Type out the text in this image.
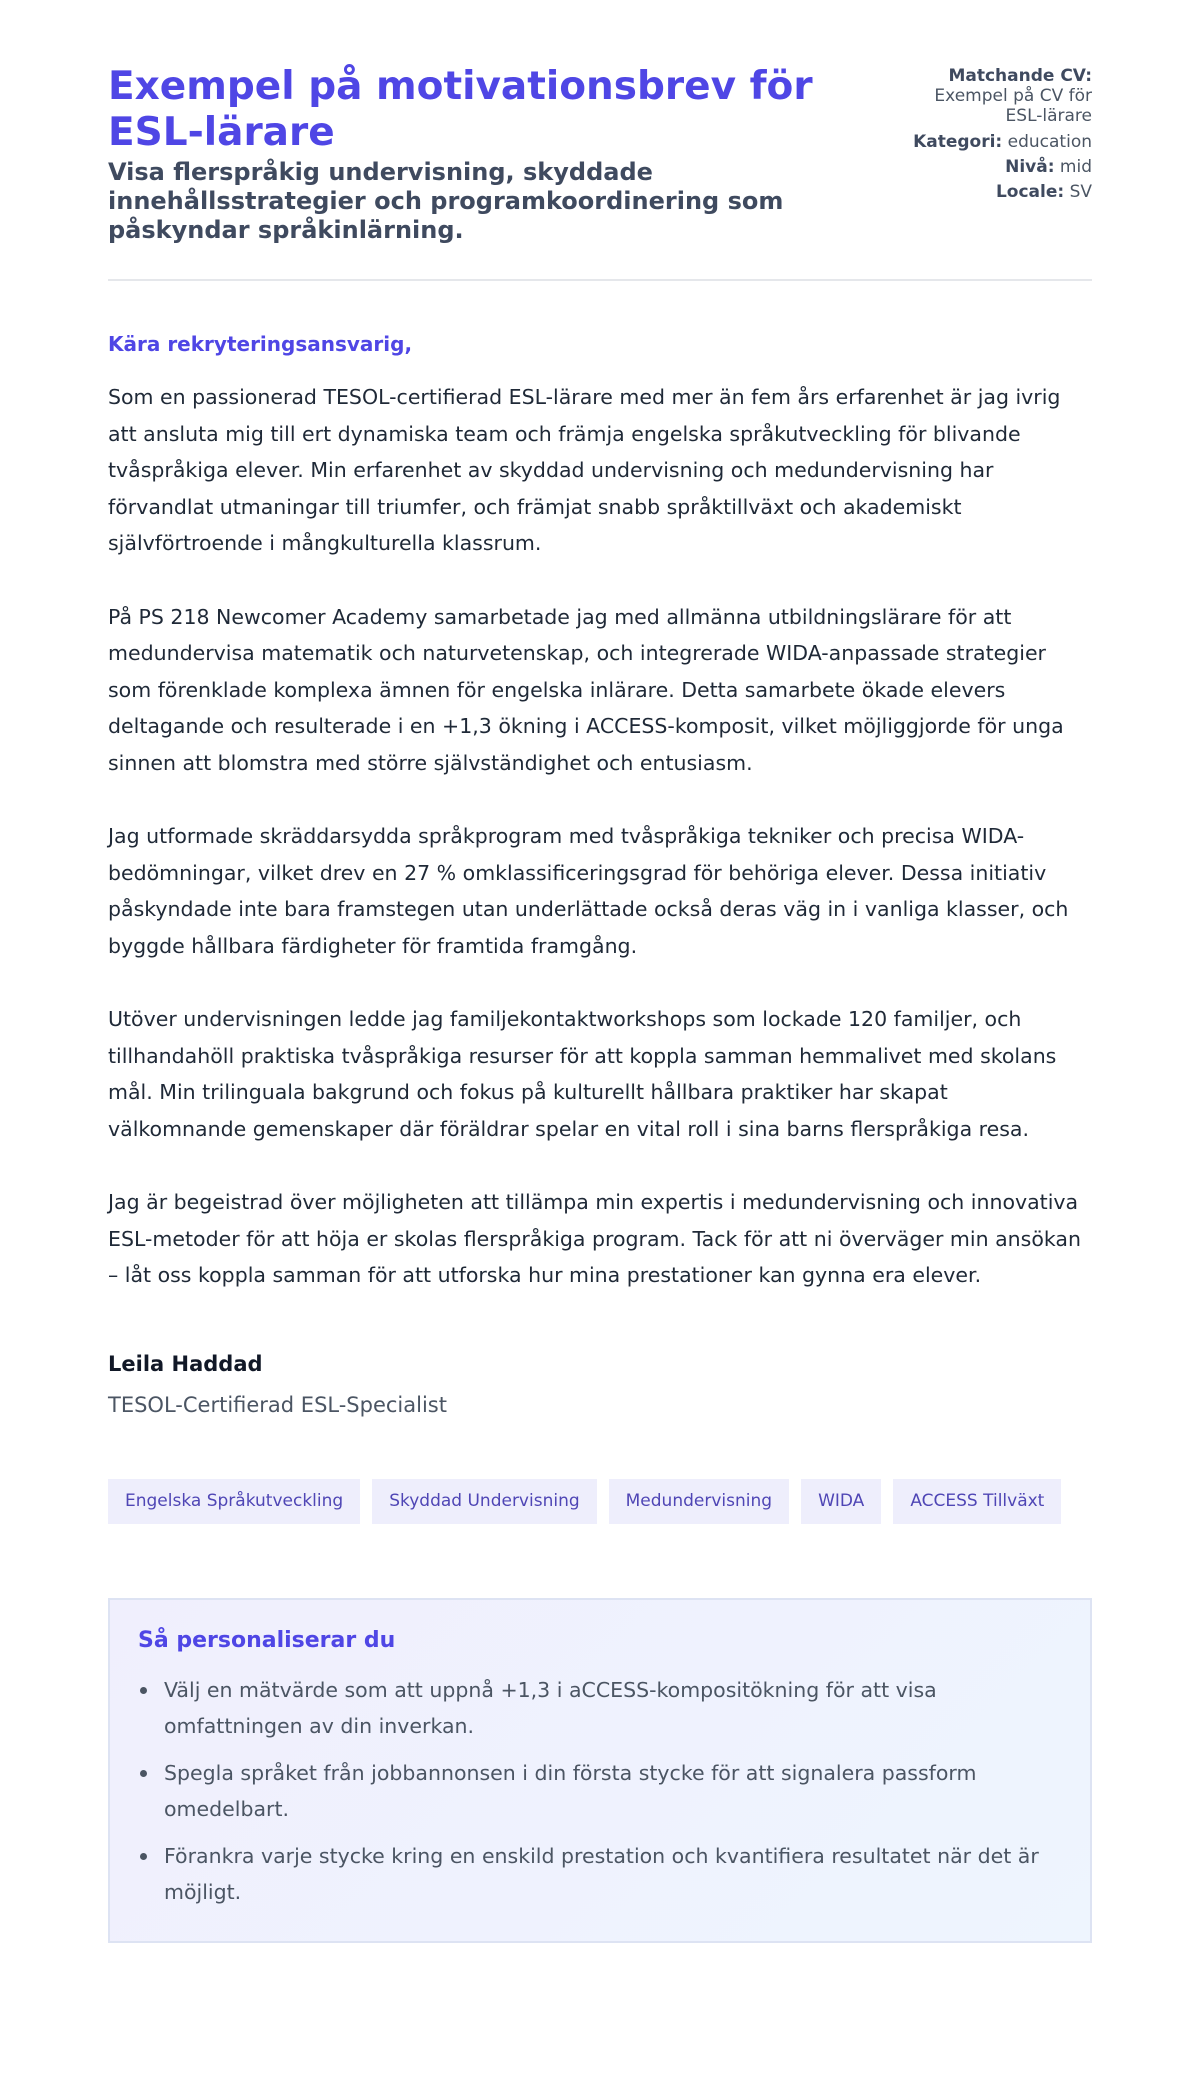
Exempel på motivationsbrev för ESL-lärare
Visa flerspråkig undervisning, skyddade innehållsstrategier och programkoordinering som påskyndar språkinlärning.
Matchande CV:
Exempel på CV för ESL-lärare
Kategori: education
Nivå: mid
Locale: SV

Kära rekryteringsansvarig,

Som en passionerad TESOL-certifierad ESL-lärare med mer än fem års erfarenhet är jag ivrig att ansluta mig till ert dynamiska team och främja engelska språkutveckling för blivande tvåspråkiga elever. Min erfarenhet av skyddad undervisning och medundervisning har förvandlat utmaningar till triumfer, och främjat snabb språktillväxt och akademiskt självförtroende i mångkulturella klassrum.

På PS 218 Newcomer Academy samarbetade jag med allmänna utbildningslärare för att medundervisa matematik och naturvetenskap, och integrerade WIDA-anpassade strategier som förenklade komplexa ämnen för engelska inlärare. Detta samarbete ökade elevers deltagande och resulterade i en +1,3 ökning i ACCESS-komposit, vilket möjliggjorde för unga sinnen att blomstra med större självständighet och entusiasm.

Jag utformade skräddarsydda språkprogram med tvåspråkiga tekniker och precisa WIDA-bedömningar, vilket drev en 27 % omklassificeringsgrad för behöriga elever. Dessa initiativ påskyndade inte bara framstegen utan underlättade också deras väg in i vanliga klasser, och byggde hållbara färdigheter för framtida framgång.

Utöver undervisningen ledde jag familjekontaktworkshops som lockade 120 familjer, och tillhandahöll praktiska tvåspråkiga resurser för att koppla samman hemmalivet med skolans mål. Min trilinguala bakgrund och fokus på kulturellt hållbara praktiker har skapat välkomnande gemenskaper där föräldrar spelar en vital roll i sina barns flerspråkiga resa.

Jag är begeistrad över möjligheten att tillämpa min expertis i medundervisning och innovativa ESL-metoder för att höja er skolas flerspråkiga program. Tack för att ni överväger min ansökan – låt oss koppla samman för att utforska hur mina prestationer kan gynna era elever.

Leila Haddad
TESOL-Certifierad ESL-Specialist
Engelska Språkutveckling	Skyddad Undervisning	Medundervisning	WIDA	ACCESS Tillväxt
Så personaliserar du
Välj en mätvärde som att uppnå +1,3 i aCCESS-kompositökning för att visa omfattningen av din inverkan.
Spegla språket från jobbannonsen i din första stycke för att signalera passform omedelbart.
Förankra varje stycke kring en enskild prestation och kvantifiera resultatet när det är möjligt.
